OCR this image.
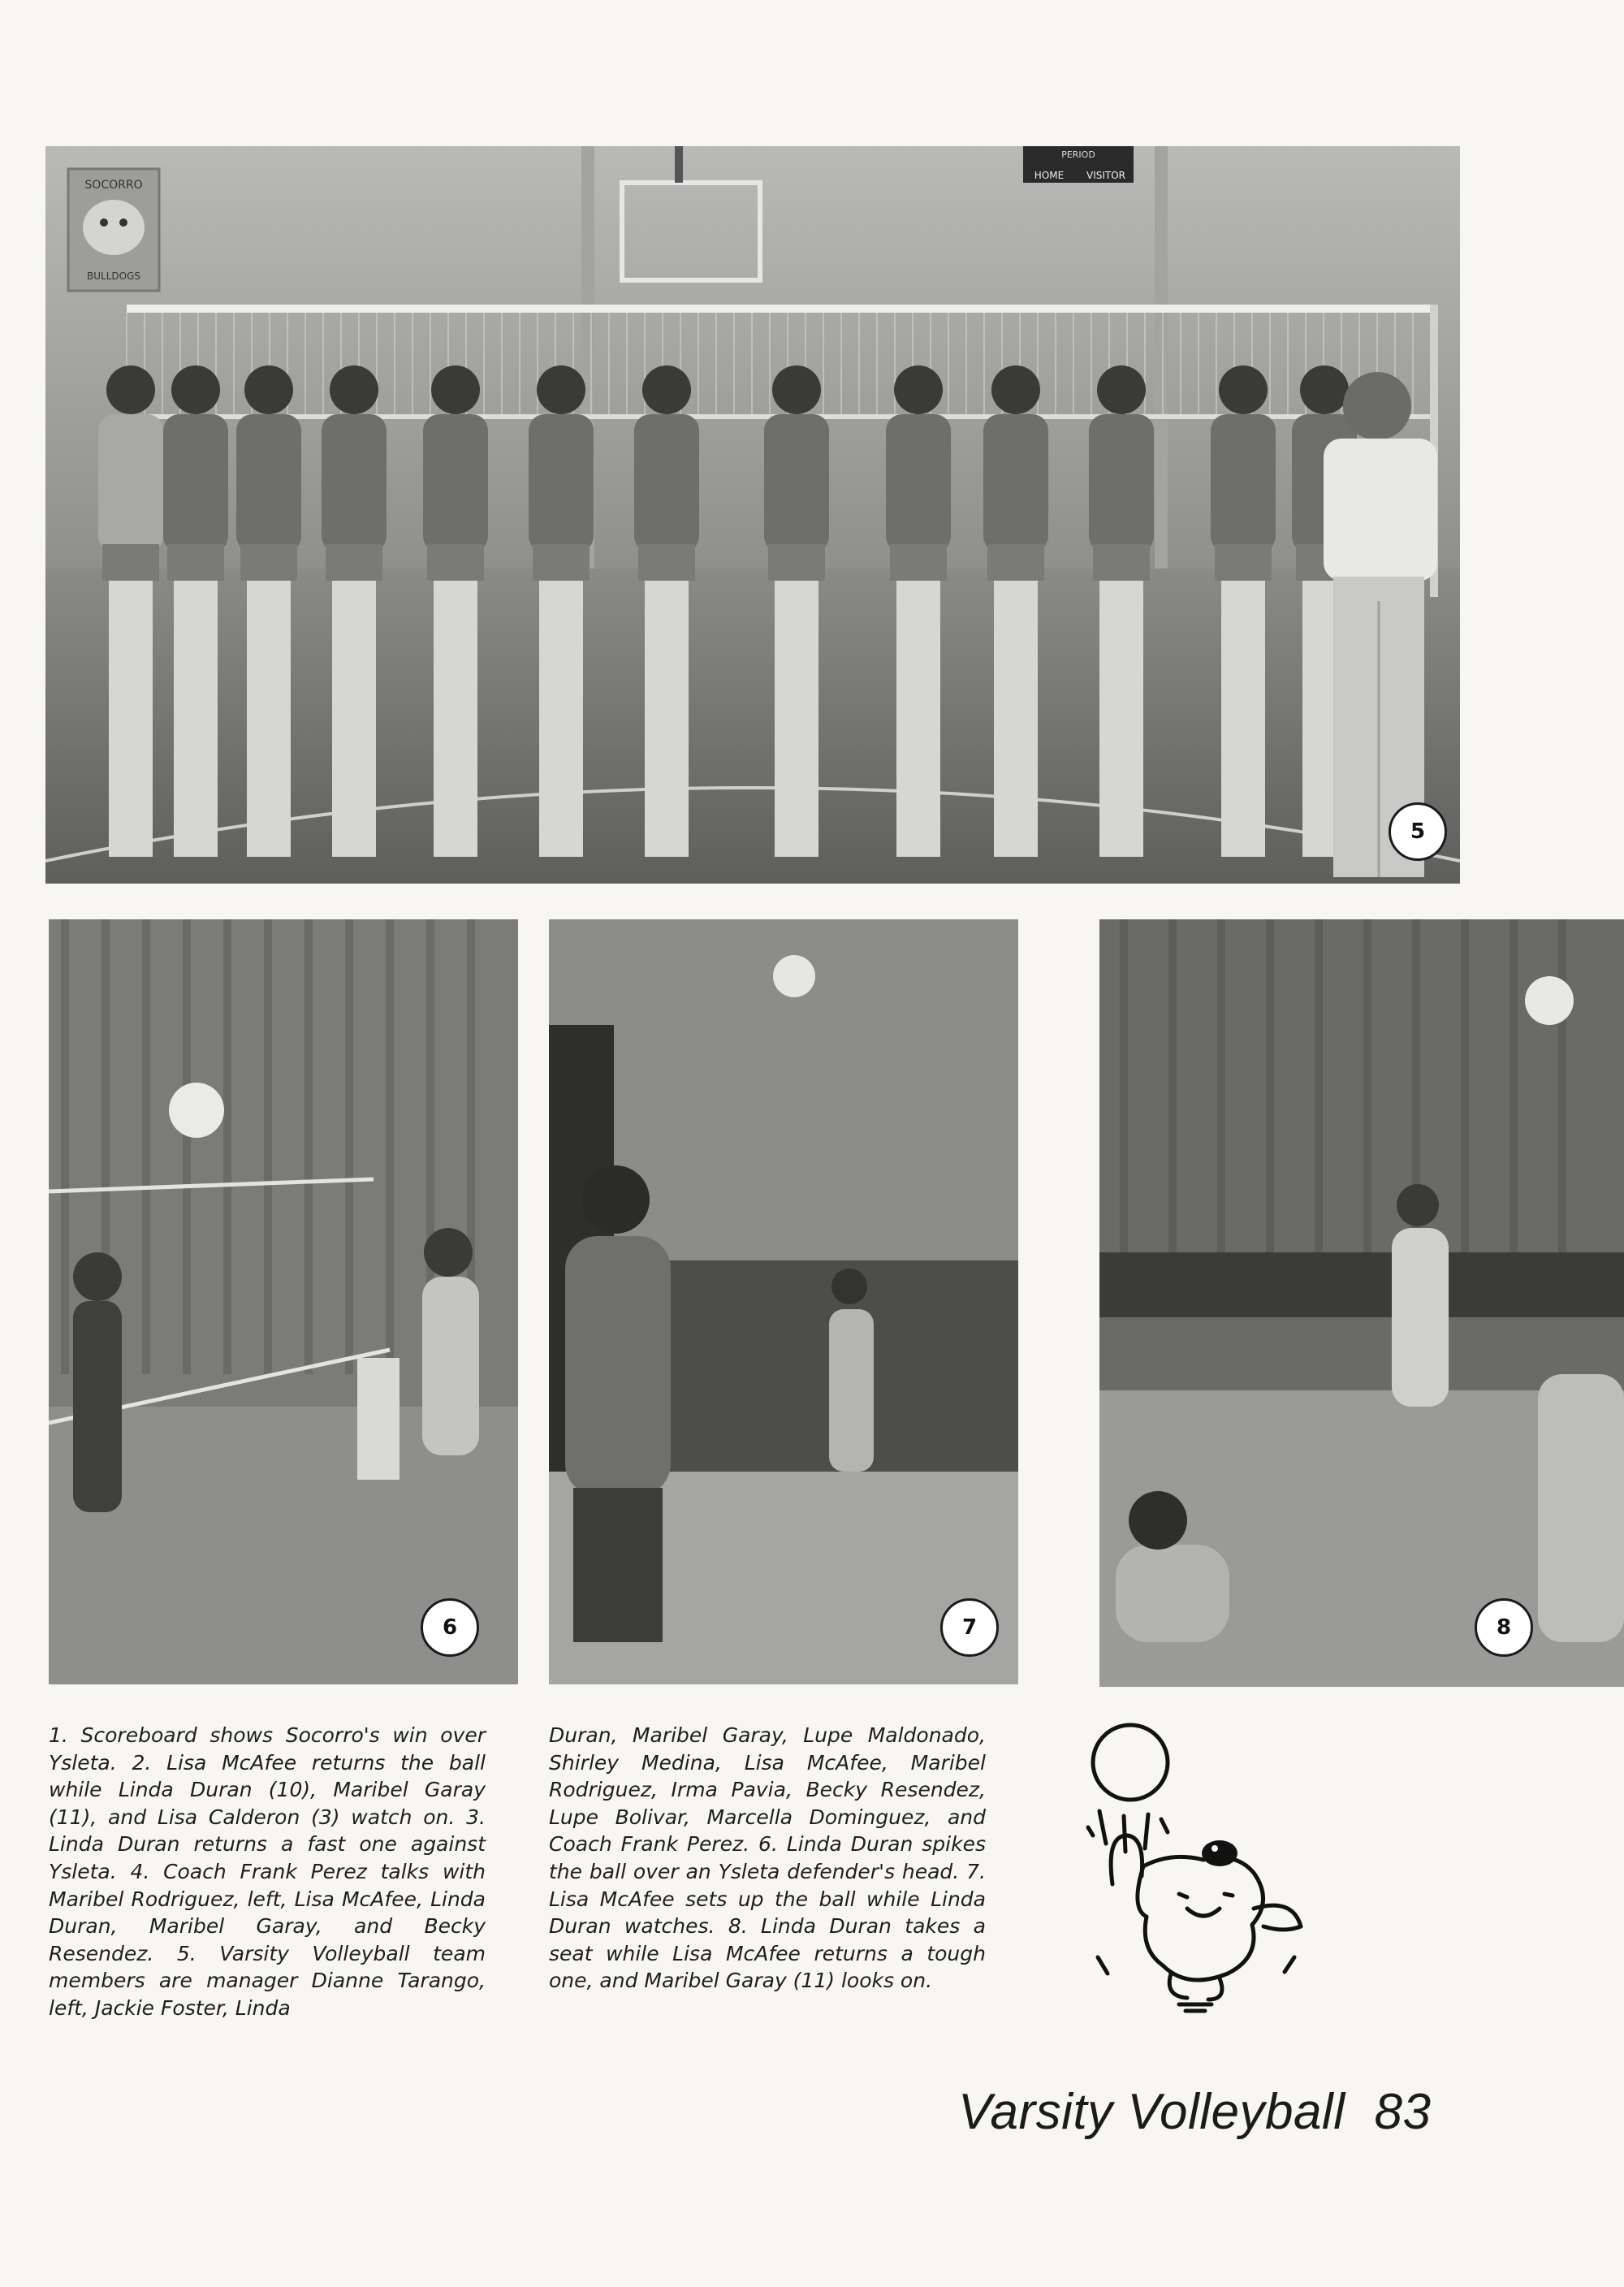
PERIOD
HOME VISITOR
SOCORRO
BULLDOGS
5
6	7	8

1. Scoreboard shows Socorro's win over Ysleta. 2. Lisa McAfee returns the ball while Linda Duran (10), Maribel Garay (11), and Lisa Calderon (3) watch on. 3. Linda Duran returns a fast one against Ysleta. 4. Coach Frank Perez talks with Maribel Rodriguez, left, Lisa McAfee, Linda Duran, Maribel Garay, and Becky Resendez. 5. Varsity Volleyball team members are manager Dianne Tarango, left, Jackie Foster, Linda

Duran, Maribel Garay, Lupe Maldonado, Shirley Medina, Lisa McAfee, Maribel Rodriguez, Irma Pavia, Becky Resendez, Lupe Bolivar, Marcella Dominguez, and Coach Frank Perez. 6. Linda Duran spikes the ball over an Ysleta defender's head. 7. Lisa McAfee sets up the ball while Linda Duran watches. 8. Linda Duran takes a seat while Lisa McAfee returns a tough one, and Maribel Garay (11) looks on.

Varsity Volleyball 83
